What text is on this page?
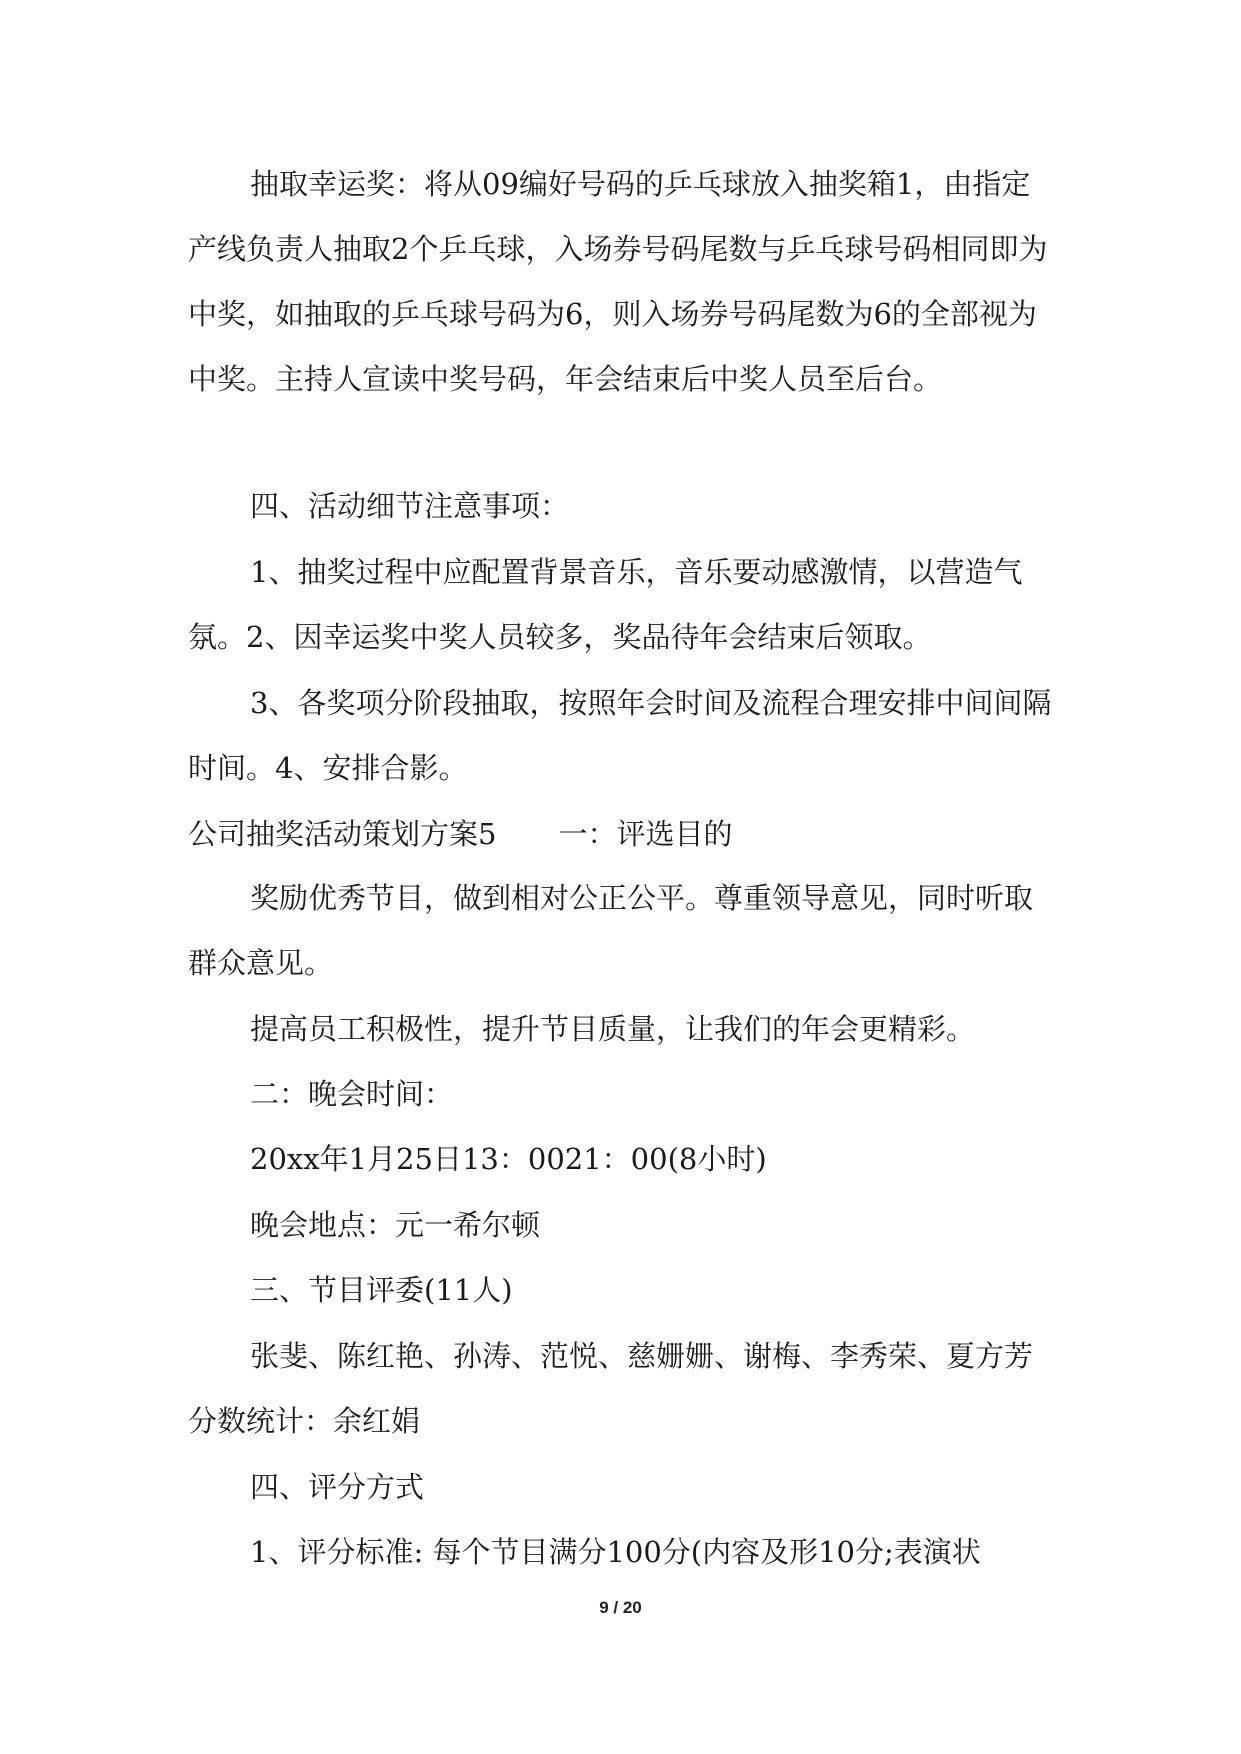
抽取幸运奖：将从09编好号码的乒乓球放入抽奖箱1，由指定产线负责人抽取2个乒乓球，入场券号码尾数与乒乓球号码相同即为中奖，如抽取的乒乓球号码为6，则入场券号码尾数为6的全部视为中奖。主持人宣读中奖号码，年会结束后中奖人员至后台。
四、活动细节注意事项：
1、抽奖过程中应配置背景音乐，音乐要动感激情，以营造气氛。2、因幸运奖中奖人员较多，奖品待年会结束后领取。
3、各奖项分阶段抽取，按照年会时间及流程合理安排中间间隔时间。4、安排合影。
公司抽奖活动策划方案5 一：评选目的
奖励优秀节目，做到相对公正公平。尊重领导意见，同时听取群众意见。
提高员工积极性，提升节目质量，让我们的年会更精彩。
二：晚会时间：
20xx年1月25日13：0021：00(8小时)
晚会地点：元一希尔顿
三、节目评委(11人)
张斐、陈红艳、孙涛、范悦、慈姗姗、谢梅、李秀荣、夏方芳分数统计：余红娟
四、评分方式
1、评分标准: 每个节目满分100分(内容及形10分;表演状
9 / 20
